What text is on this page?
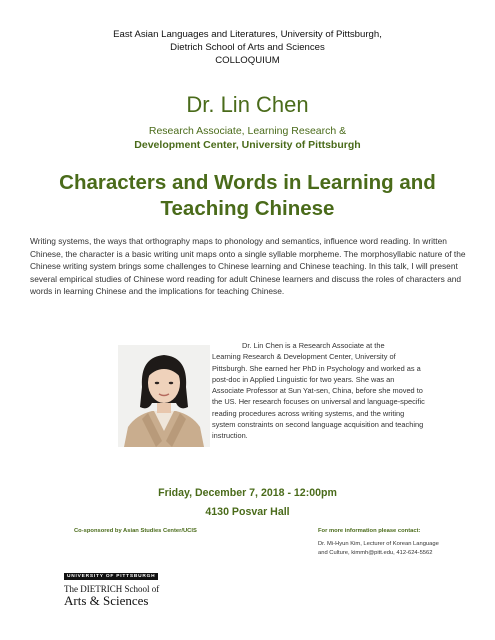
East Asian Languages and Literatures, University of Pittsburgh,
Dietrich School of Arts and Sciences
COLLOQUIUM
Dr. Lin Chen
Research Associate, Learning Research &
Development Center, University of Pittsburgh
Characters and Words in Learning and
Teaching Chinese
Writing systems, the ways that orthography maps to phonology and semantics, influence word reading. In written Chinese, the character is a basic writing unit maps onto a single syllable morpheme. The morphosyllabic nature of the Chinese writing system brings some challenges to Chinese learning and Chinese teaching. In this talk, I will present several empirical studies of Chinese word reading for adult Chinese learners and discuss the roles of characters and words in learning Chinese and the implications for teaching Chinese.
Dr. Lin Chen is a Research Associate at the
Learning Research & Development Center, University of Pittsburgh. She earned her PhD in Psychology and worked as a post-doc in Applied Linguistic for two years. She was an Associate Professor at Sun Yat-sen, China, before she moved to the US. Her research focuses on universal and language-specific reading procedures across writing systems, and the writing system constraints on second language acquisition and teaching instruction.
Friday, December 7, 2018 - 12:00pm
4130 Posvar Hall
Co-sponsored by Asian Studies Center/UCIS	For more information please contact:
Dr. Mi-Hyun Kim, Lecturer of Korean Language
and Culture, kimmh@pitt.edu, 412-624-5562
UNIVERSITY OF PITTSBURGH
The DIETRICH School of
Arts & Sciences
